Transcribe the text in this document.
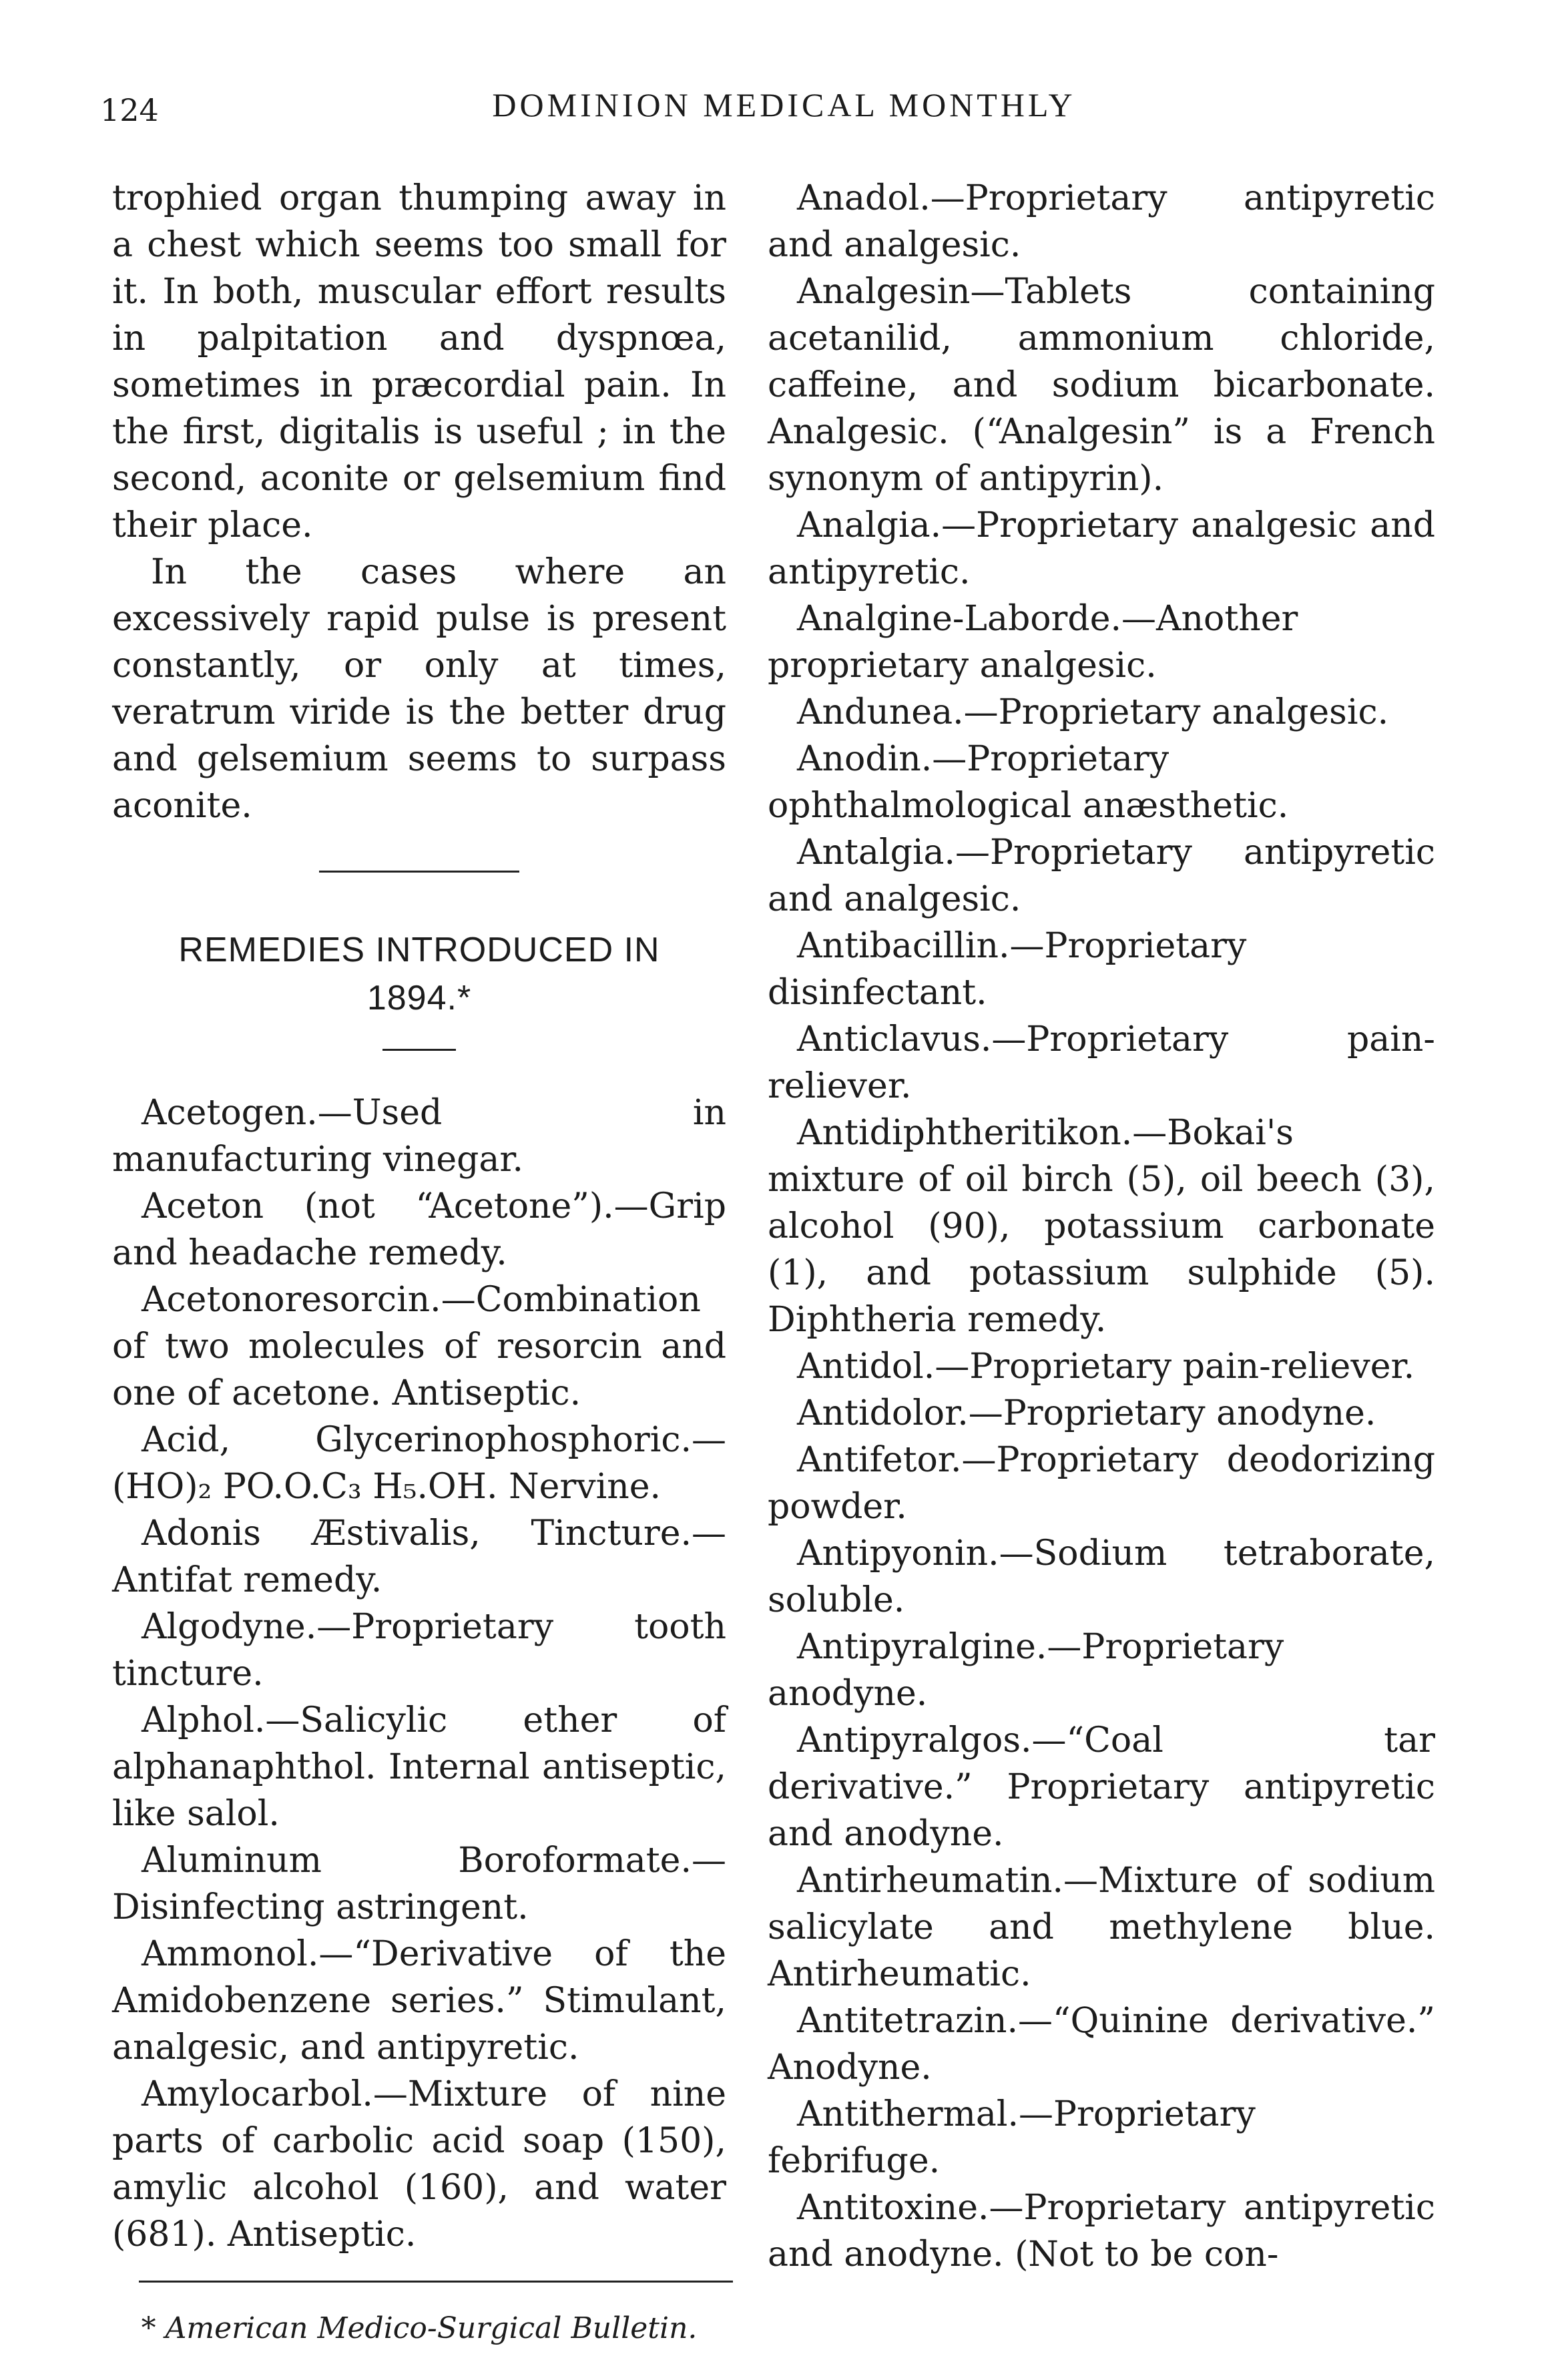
124	DOMINION MEDICAL MONTHLY

trophied organ thumping away in a chest which seems too small for it. In both, muscular effort results in palpitation and dyspnœa, sometimes in præcordial pain. In the first, digitalis is useful ; in the second, aconite or gelsemium find their place.

In the cases where an excessively rapid pulse is present constantly, or only at times, veratrum viride is the better drug and gelsemium seems to surpass aconite.

REMEDIES INTRODUCED IN
1894.*

Acetogen.—Used in manufacturing vinegar.

Aceton (not “Acetone”).—Grip and headache remedy.

Acetonoresorcin.—Combination of two molecules of resorcin and one of acetone. Antiseptic.

Acid, Glycerinophosphoric.—(HO)₂ PO.O.C₃ H₅.OH. Nervine.

Adonis Æstivalis, Tincture.—Antifat remedy.

Algodyne.—Proprietary tooth tincture.

Alphol.—Salicylic ether of alphanaphthol. Internal antiseptic, like salol.

Aluminum Boroformate.—Disinfecting astringent.

Ammonol.—“Derivative of the Amidobenzene series.” Stimulant, analgesic, and antipyretic.

Amylocarbol.—Mixture of nine parts of carbolic acid soap (150), amylic alcohol (160), and water (681). Antiseptic.

* American Medico-Surgical Bulletin.

Anadol.—Proprietary antipyretic and analgesic.

Analgesin—Tablets containing acetanilid, ammonium chloride, caffeine, and sodium bicarbonate. Analgesic. (“Analgesin” is a French synonym of antipyrin).

Analgia.—Proprietary analgesic and antipyretic.

Analgine-Laborde.—Another proprietary analgesic.

Andunea.—Proprietary analgesic.

Anodin.—Proprietary ophthalmological anæsthetic.

Antalgia.—Proprietary antipyretic and analgesic.

Antibacillin.—Proprietary disinfectant.

Anticlavus.—Proprietary pain-reliever.

Antidiphtheritikon.—Bokai's mixture of oil birch (5), oil beech (3), alcohol (90), potassium carbonate (1), and potassium sulphide (5). Diphtheria remedy.

Antidol.—Proprietary pain-reliever.

Antidolor.—Proprietary anodyne.

Antifetor.—Proprietary deodorizing powder.

Antipyonin.—Sodium tetraborate, soluble.

Antipyralgine.—Proprietary anodyne.

Antipyralgos.—“Coal tar derivative.” Proprietary antipyretic and anodyne.

Antirheumatin.—Mixture of sodium salicylate and methylene blue. Antirheumatic.

Antitetrazin.—“Quinine derivative.” Anodyne.

Antithermal.—Proprietary febrifuge.

Antitoxine.—Proprietary antipyretic and anodyne. (Not to be con-
